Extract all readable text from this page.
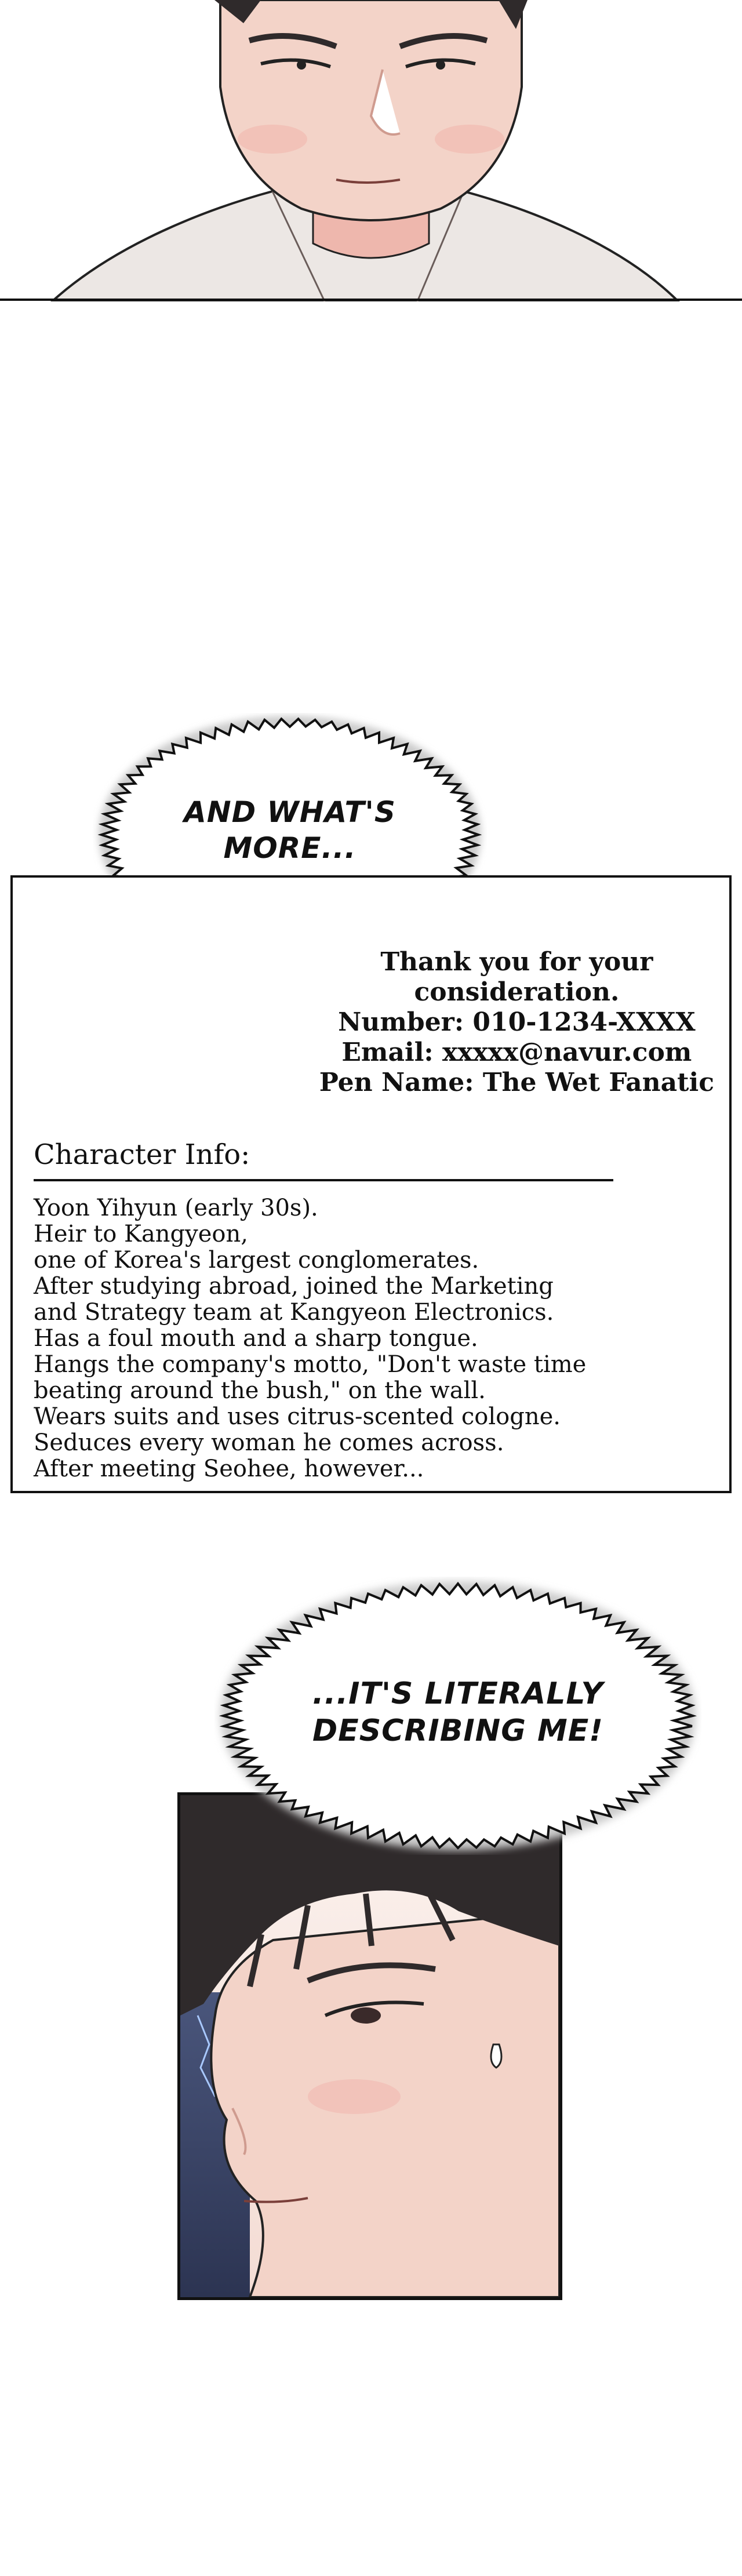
AND WHAT'S
MORE...
Thank you for your
consideration.
Number: 010-1234-XXXX
Email: xxxxx@navur.com
Pen Name: The Wet Fanatic
Character Info:
Yoon Yihyun (early 30s).
Heir to Kangyeon,
one of Korea's largest conglomerates.
After studying abroad, joined the Marketing
and Strategy team at Kangyeon Electronics.
Has a foul mouth and a sharp tongue.
Hangs the company's motto, "Don't waste time
beating around the bush," on the wall.
Wears suits and uses citrus-scented cologne.
Seduces every woman he comes across.
After meeting Seohee, however...
...IT'S LITERALLY
DESCRIBING ME!
